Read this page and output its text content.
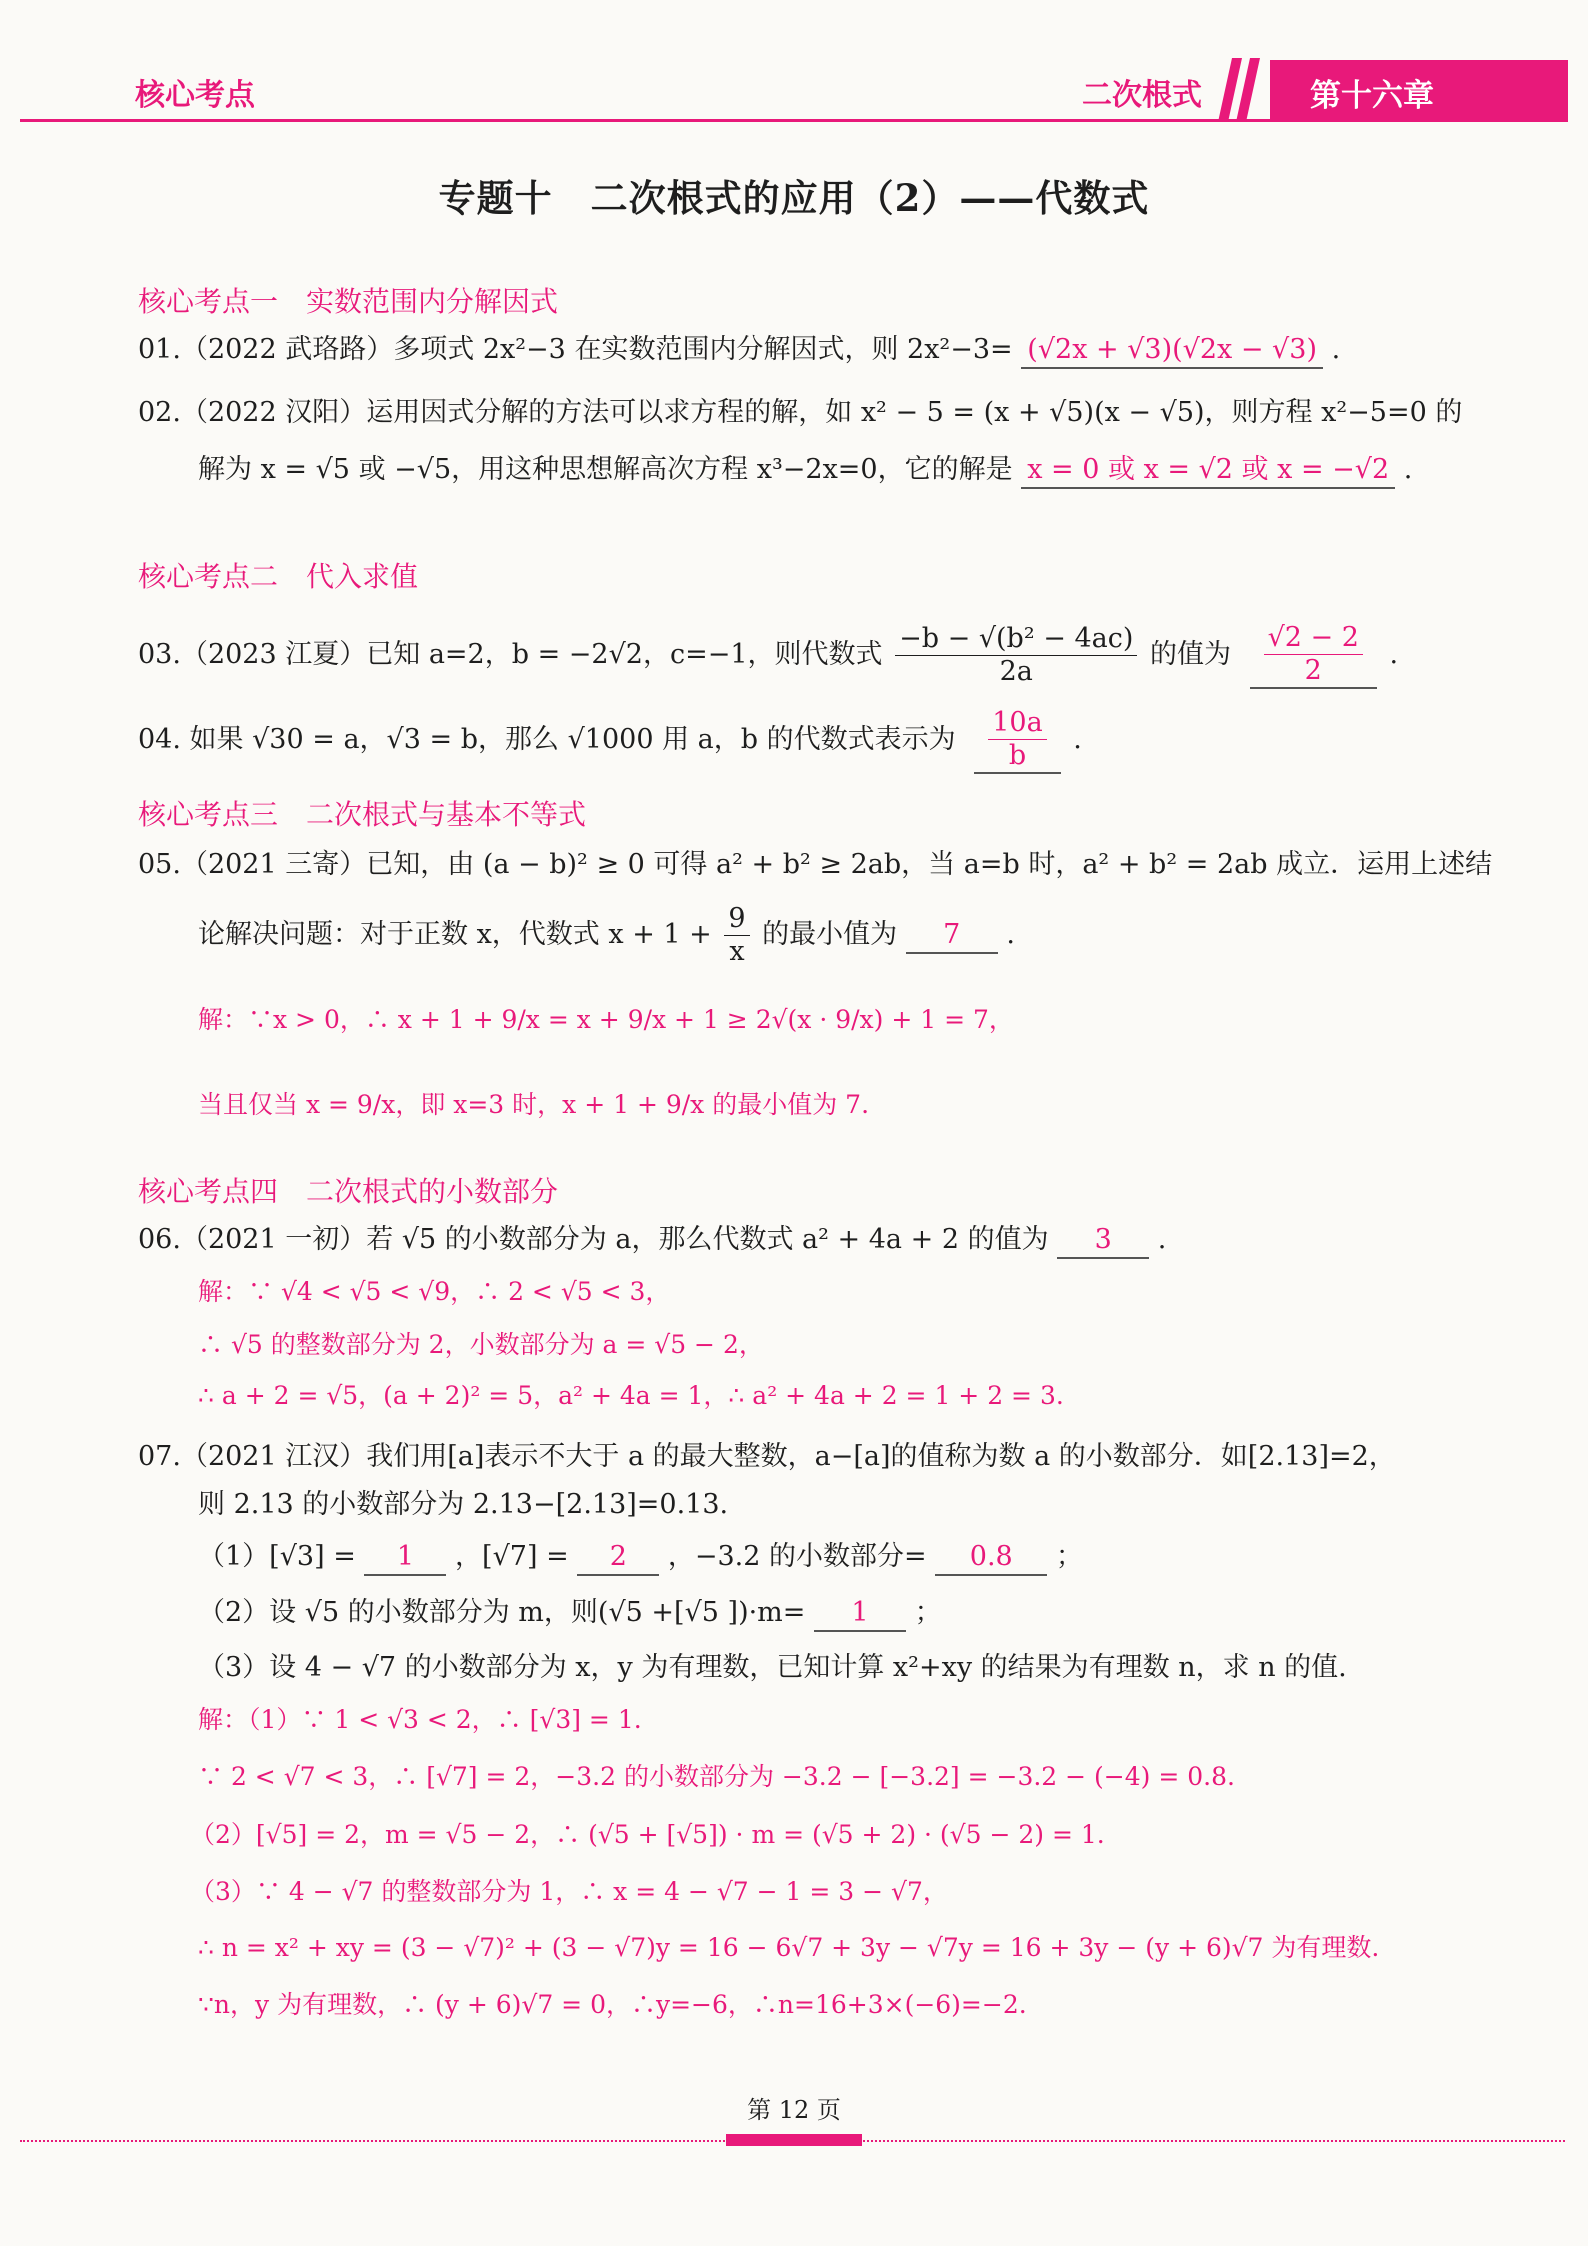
核心考点	二次根式	第十六章
专题十　二次根式的应用（2）——代数式
核心考点一　实数范围内分解因式
01.（2022 武珞路）多项式 2x²−3 在实数范围内分解因式，则 2x²−3= (√2x + √3)(√2x − √3) .
02.（2022 汉阳）运用因式分解的方法可以求方程的解，如 x² − 5 = (x + √5)(x − √5)，则方程 x²−5=0 的
解为 x = √5 或 −√5，用这种思想解高次方程 x³−2x=0，它的解是 x = 0 或 x = √2 或 x = −√2 .
核心考点二　代入求值
03.（2023 江夏）已知 a=2，b = −2√2，c=−1，则代数式 $\frac{\text{−b − √(b² − 4ac)}}{2a}$ 的值为 $\frac{√2 - 2}{2}$ .
04. 如果 √30 = a，√3 = b，那么 √1000 用 a，b 的代数式表示为 $\frac{10a}{b}$ .
核心考点三　二次根式与基本不等式
05.（2021 三寄）已知，由 (a − b)² ≥ 0 可得 a² + b² ≥ 2ab，当 a=b 时，a² + b² = 2ab 成立．运用上述结
论解决问题：对于正数 x，代数式 $x + 1 + \frac{9}{x}$ 的最小值为 7 .
解：∵x > 0，∴ x + 1 + 9/x = x + 9/x + 1 ≥ 2√(x · 9/x) + 1 = 7，
当且仅当 x = 9/x，即 x=3 时，x + 1 + 9/x 的最小值为 7.
核心考点四　二次根式的小数部分
06.（2021 一初）若 √5 的小数部分为 a，那么代数式 a² + 4a + 2 的值为 3 .
解：∵ √4 < √5 < √9，∴ 2 < √5 < 3，
∴ √5 的整数部分为 2，小数部分为 a = √5 − 2，
∴ a + 2 = √5，(a + 2)² = 5，a² + 4a = 1，∴ a² + 4a + 2 = 1 + 2 = 3.
07.（2021 江汉）我们用[a]表示不大于 a 的最大整数，a−[a]的值称为数 a 的小数部分．如[2.13]=2，
则 2.13 的小数部分为 2.13−[2.13]=0.13.
（1）[√3] = 1 ，[√7] = 2 ，−3.2 的小数部分= 0.8 ；
（2）设 √5 的小数部分为 m，则(√5 +[√5 ])·m= 1 ；
（3）设 4 − √7 的小数部分为 x，y 为有理数，已知计算 x²+xy 的结果为有理数 n，求 n 的值.
解：（1）∵ 1 < √3 < 2，∴ [√3] = 1.
∵ 2 < √7 < 3，∴ [√7] = 2，−3.2 的小数部分为 −3.2 − [−3.2] = −3.2 − (−4) = 0.8.
（2）[√5] = 2，m = √5 − 2，∴ (√5 + [√5]) · m = (√5 + 2) · (√5 − 2) = 1.
（3）∵ 4 − √7 的整数部分为 1，∴ x = 4 − √7 − 1 = 3 − √7，
∴ n = x² + xy = (3 − √7)² + (3 − √7)y = 16 − 6√7 + 3y − √7y = 16 + 3y − (y + 6)√7 为有理数.
∵n，y 为有理数，∴ (y + 6)√7 = 0，∴y=−6，∴n=16+3×(−6)=−2.
第 12 页
